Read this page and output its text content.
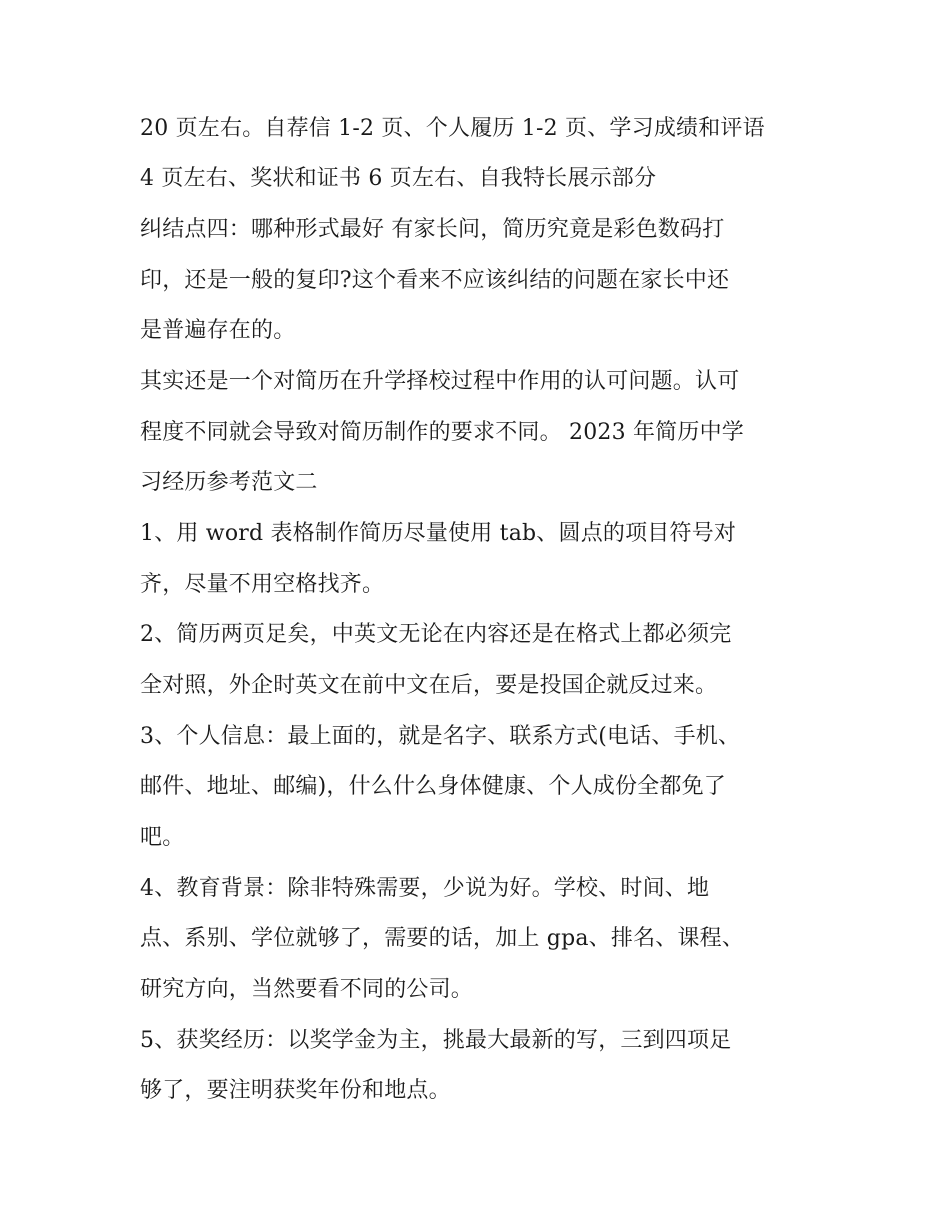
20 页左右。自荐信 1-2 页、个人履历 1-2 页、学习成绩和评语
4 页左右、奖状和证书 6 页左右、自我特长展示部分
纠结点四：哪种形式最好 有家长问，简历究竟是彩色数码打
印，还是一般的复印?这个看来不应该纠结的问题在家长中还
是普遍存在的。
其实还是一个对简历在升学择校过程中作用的认可问题。认可
程度不同就会导致对简历制作的要求不同。 2023 年简历中学
习经历参考范文二
1、用 word 表格制作简历尽量使用 tab、圆点的项目符号对
齐，尽量不用空格找齐。
2、简历两页足矣，中英文无论在内容还是在格式上都必须完
全对照，外企时英文在前中文在后，要是投国企就反过来。
3、个人信息：最上面的，就是名字、联系方式(电话、手机、
邮件、地址、邮编)，什么什么身体健康、个人成份全都免了
吧。
4、教育背景：除非特殊需要，少说为好。学校、时间、地
点、系别、学位就够了，需要的话，加上 gpa、排名、课程、
研究方向，当然要看不同的公司。
5、获奖经历：以奖学金为主，挑最大最新的写，三到四项足
够了，要注明获奖年份和地点。
